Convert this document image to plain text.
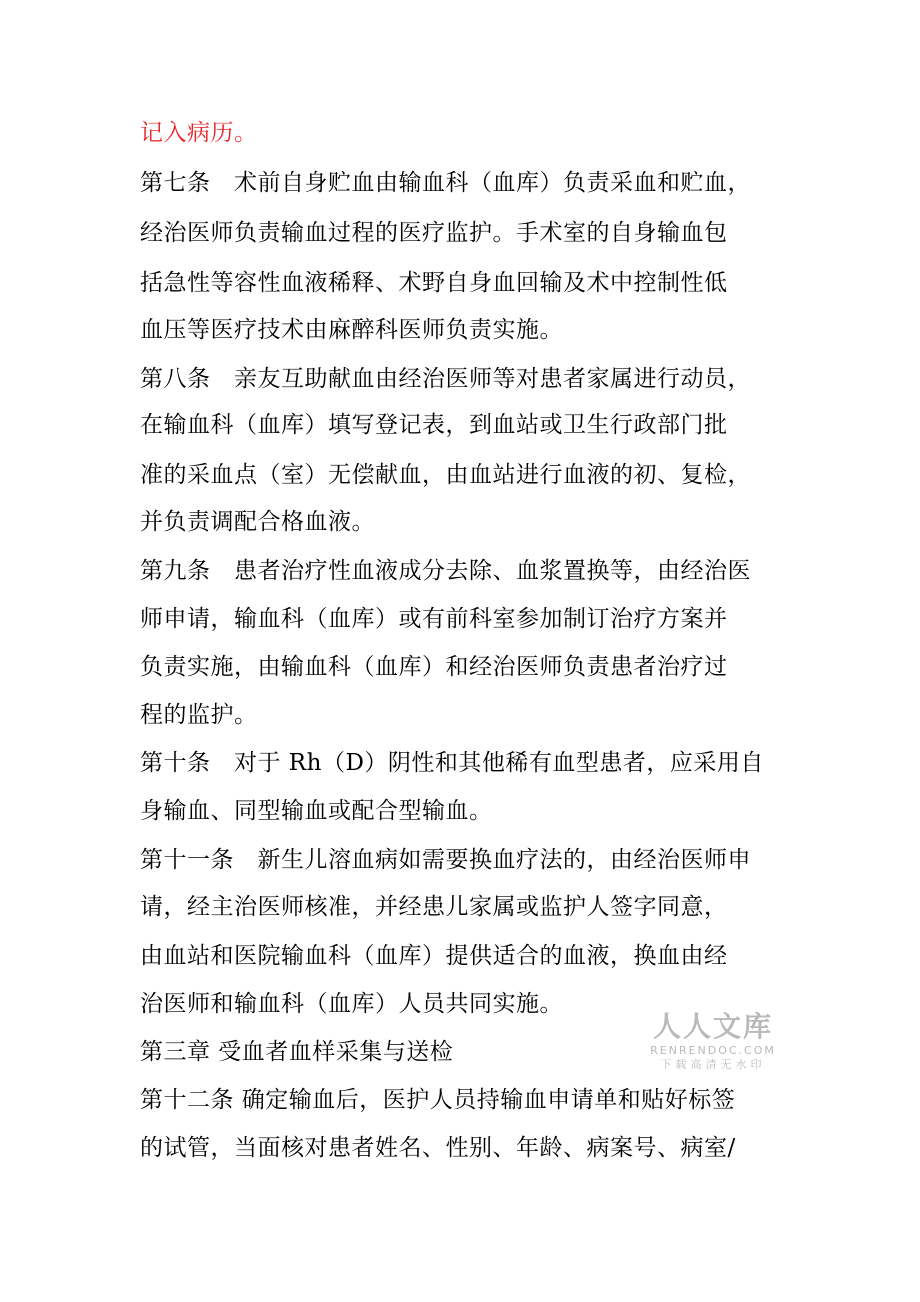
记入病历。
第七条　术前自身贮血由输血科（血库）负责采血和贮血，
经治医师负责输血过程的医疗监护。手术室的自身输血包
括急性等容性血液稀释、术野自身血回输及术中控制性低
血压等医疗技术由麻醉科医师负责实施。
第八条　亲友互助献血由经治医师等对患者家属进行动员，
在输血科（血库）填写登记表，到血站或卫生行政部门批
准的采血点（室）无偿献血，由血站进行血液的初、复检，
并负责调配合格血液。
第九条　患者治疗性血液成分去除、血浆置换等，由经治医
师申请，输血科（血库）或有前科室参加制订治疗方案并
负责实施，由输血科（血库）和经治医师负责患者治疗过
程的监护。
第十条　对于 Rh（D）阴性和其他稀有血型患者，应采用自
身输血、同型输血或配合型输血。
第十一条　新生儿溶血病如需要换血疗法的，由经治医师申
请，经主治医师核准，并经患儿家属或监护人签字同意，
由血站和医院输血科（血库）提供适合的血液，换血由经
治医师和输血科（血库）人员共同实施。
第三章 受血者血样采集与送检
第十二条 确定输血后，医护人员持输血申请单和贴好标签
的试管，当面核对患者姓名、性别、年龄、病案号、病室/
人人文库
RENRENDOC.COM
下载高清无水印
